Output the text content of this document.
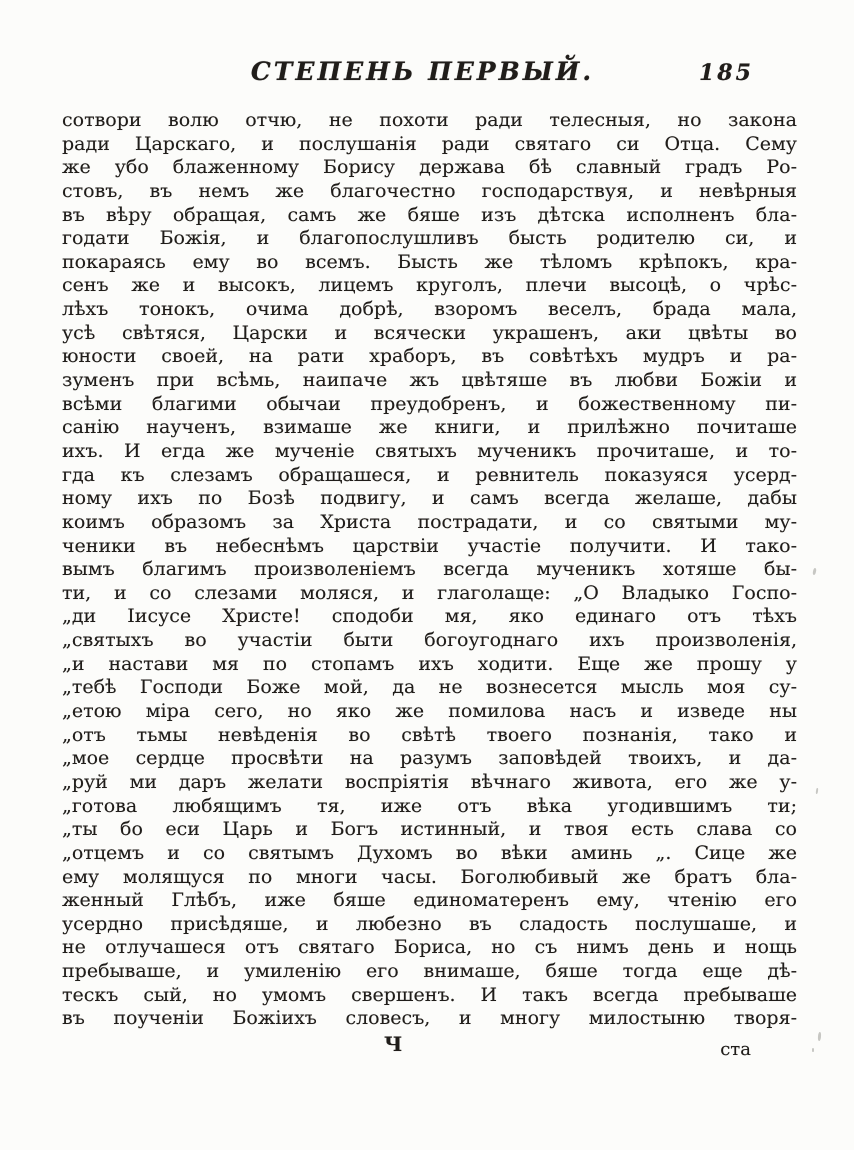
СТЕПЕНЬ ПЕРВЫЙ.	185
сотвори волю отчю, не похоти ради телесныя, но закона
ради Царскаго, и послушанія ради святаго си Отца. Сему
же убо блаженному Борису держава бѣ славный градъ Ро-
стовъ, въ немъ же благочестно господарствуя, и невѣрныя
въ вѣру обращая, самъ же бяше изъ дѣтска исполненъ бла-
годати Божія, и благопослушливъ бысть родителю си, и
покараясь ему во всемъ. Бысть же тѣломъ крѣпокъ, кра-
сенъ же и высокъ, лицемъ круголъ, плечи высоцѣ, о чрѣс-
лѣхъ тонокъ, очима добрѣ, взоромъ веселъ, брада мала,
усѣ свѣтяся, Царски и всячески украшенъ, аки цвѣты во
юности своей, на рати храборъ, въ совѣтѣхъ мудръ и ра-
зуменъ при всѣмь, наипаче жъ цвѣтяше въ любви Божіи и
всѣми благими обычаи преудобренъ, и божественному пи-
санію наученъ, взимаше же книги, и прилѣжно почиташе
ихъ. И егда же мученіе святыхъ мученикъ прочиташе, и то-
гда къ слезамъ обращашеся, и ревнитель показуяся усерд-
ному ихъ по Бозѣ подвигу, и самъ всегда желаше, дабы
коимъ образомъ за Христа пострадати, и со святыми му-
ченики въ небеснѣмъ царствіи участіе получити. И тако-
вымъ благимъ произволеніемъ всегда мученикъ хотяше бы-
ти, и со слезами моляся, и глаголаще: „О Владыко Госпо-
„ди Іисусе Христе! сподоби мя, яко единаго отъ тѣхъ
„святыхъ во участіи быти богоугоднаго ихъ произволенія,
„и настави мя по стопамъ ихъ ходити. Еще же прошу у
„тебѣ Господи Боже мой, да не вознесется мысль моя су-
„етою міра сего, но яко же помилова насъ и изведе ны
„отъ тьмы невѣденія во свѣтѣ твоего познанія, тако и
„мое сердце просвѣти на разумъ заповѣдей твоихъ, и да-
„руй ми даръ желати воспріятія вѣчнаго живота, его же у-
„готова любящимъ тя, иже отъ вѣка угодившимъ ти;
„ты бо еси Царь и Богъ истинный, и твоя есть слава со
„отцемъ и со святымъ Духомъ во вѣки аминь „. Сице же
ему молящуся по многи часы. Боголюбивый же братъ бла-
женный Глѣбъ, иже бяше единоматеренъ ему, чтенію его
усердно присѣдяше, и любезно въ сладость послушаше, и
не отлучашеся отъ святаго Бориса, но съ нимъ день и нощь
пребываше, и умиленію его внимаше, бяше тогда еще дѣ-
тескъ сый, но умомъ свершенъ. И такъ всегда пребываше
въ поученіи Божіихъ словесъ, и многу милостыню творя-
Ч	ста
